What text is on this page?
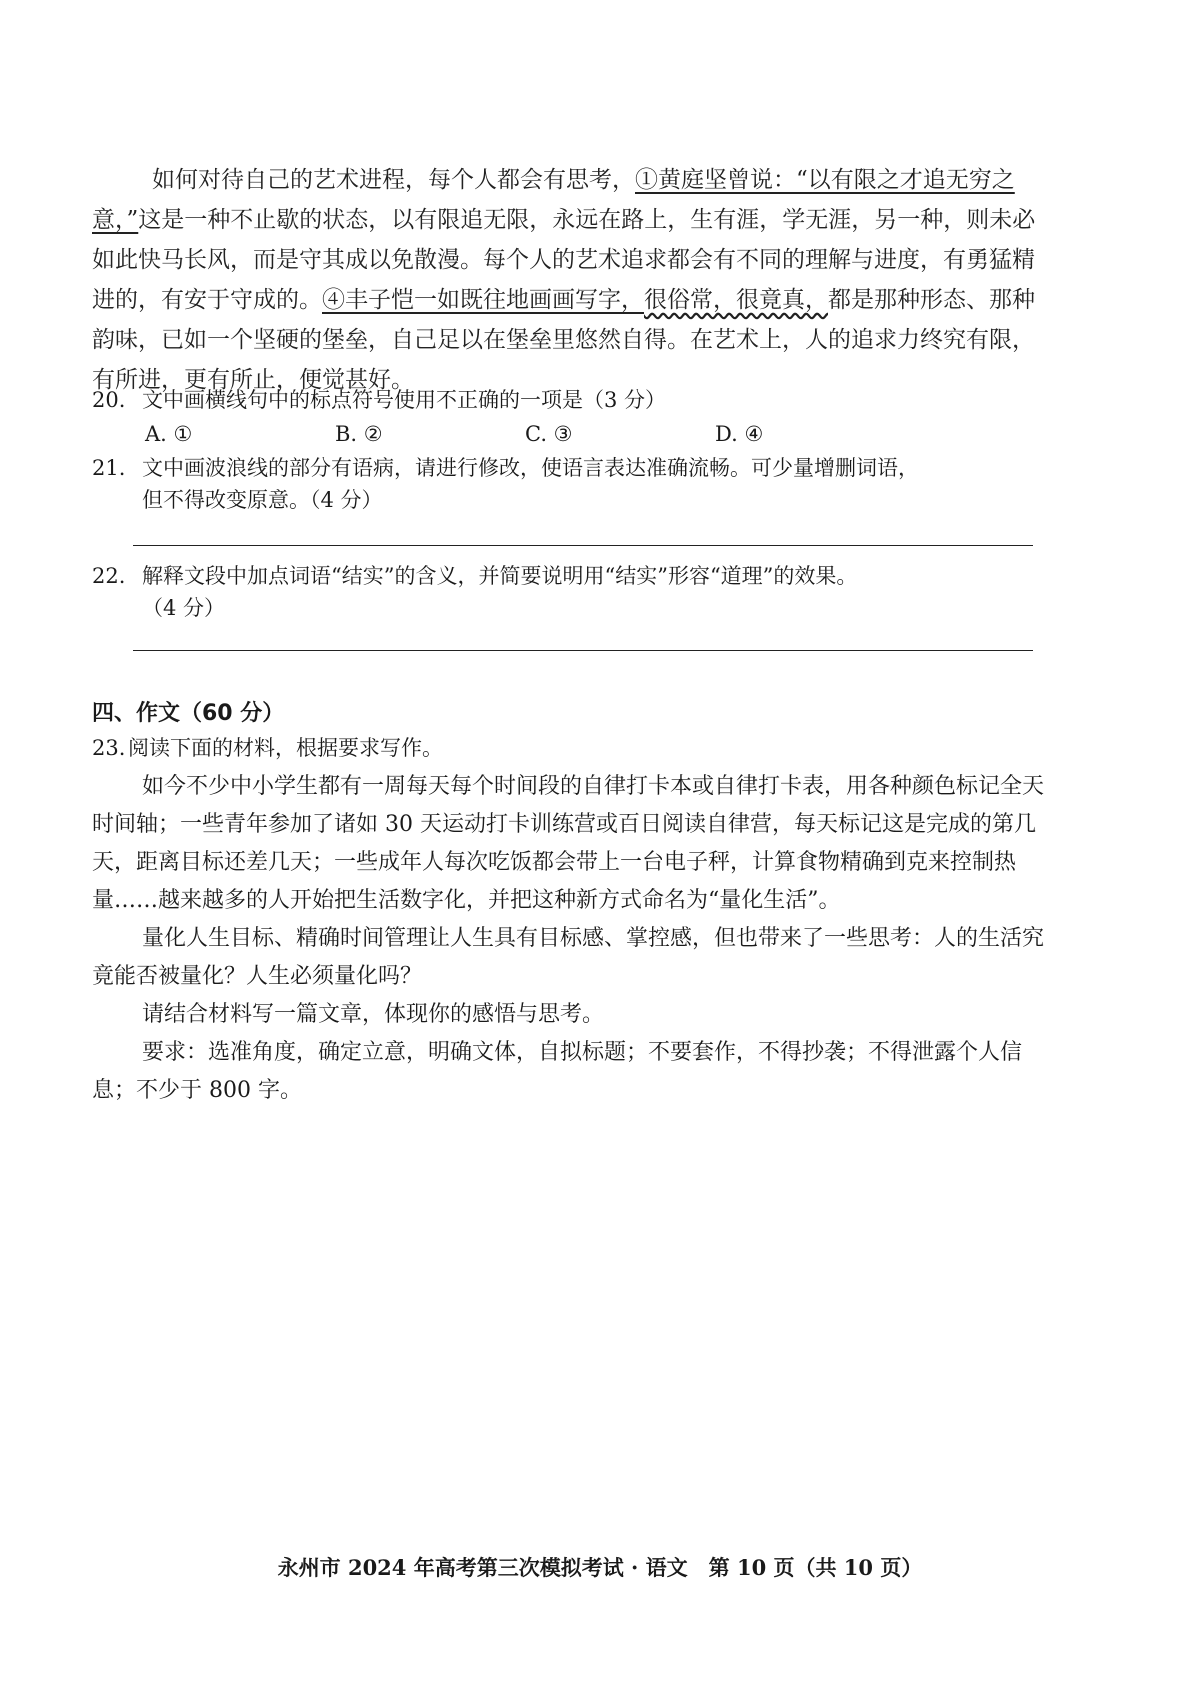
如何对待自己的艺术进程，每个人都会有思考，①黄庭坚曾说：“以有限之才追无穷之意，”这是一种不止歇的状态，以有限追无限，永远在路上，生有涯，学无涯，另一种，则未必如此快马长风，而是守其成以免散漫。每个人的艺术追求都会有不同的理解与进度，有勇猛精进的，有安于守成的。④丰子恺一如既往地画画写字，很俗常，很竟真，都是那种形态、那种韵味，已如一个坚硬的堡垒，自己足以在堡垒里悠然自得。在艺术上，人的追求力终究有限，有所进，更有所止，便觉甚好。

20. 文中画横线句中的标点符号使用不正确的一项是（3 分）
A. ①	B. ②	C. ③	D. ④
21. 文中画波浪线的部分有语病，请进行修改，使语言表达准确流畅。可少量增删词语，
但不得改变原意。（4 分）
22. 解释文段中加点词语“结实”的含义，并简要说明用“结实”形容“道理”的效果。
（4 分）
四、作文（60 分）
23. 阅读下面的材料，根据要求写作。

如今不少中小学生都有一周每天每个时间段的自律打卡本或自律打卡表，用各种颜色标记全天时间轴；一些青年参加了诸如 30 天运动打卡训练营或百日阅读自律营，每天标记这是完成的第几天，距离目标还差几天；一些成年人每次吃饭都会带上一台电子秤，计算食物精确到克来控制热量……越来越多的人开始把生活数字化，并把这种新方式命名为“量化生活”。

量化人生目标、精确时间管理让人生具有目标感、掌控感，但也带来了一些思考：人的生活究竟能否被量化？人生必须量化吗？

请结合材料写一篇文章，体现你的感悟与思考。

要求：选准角度，确定立意，明确文体，自拟标题；不要套作，不得抄袭；不得泄露个人信息；不少于 800 字。

永州市 2024 年高考第三次模拟考试 · 语文　第 10 页（共 10 页）
